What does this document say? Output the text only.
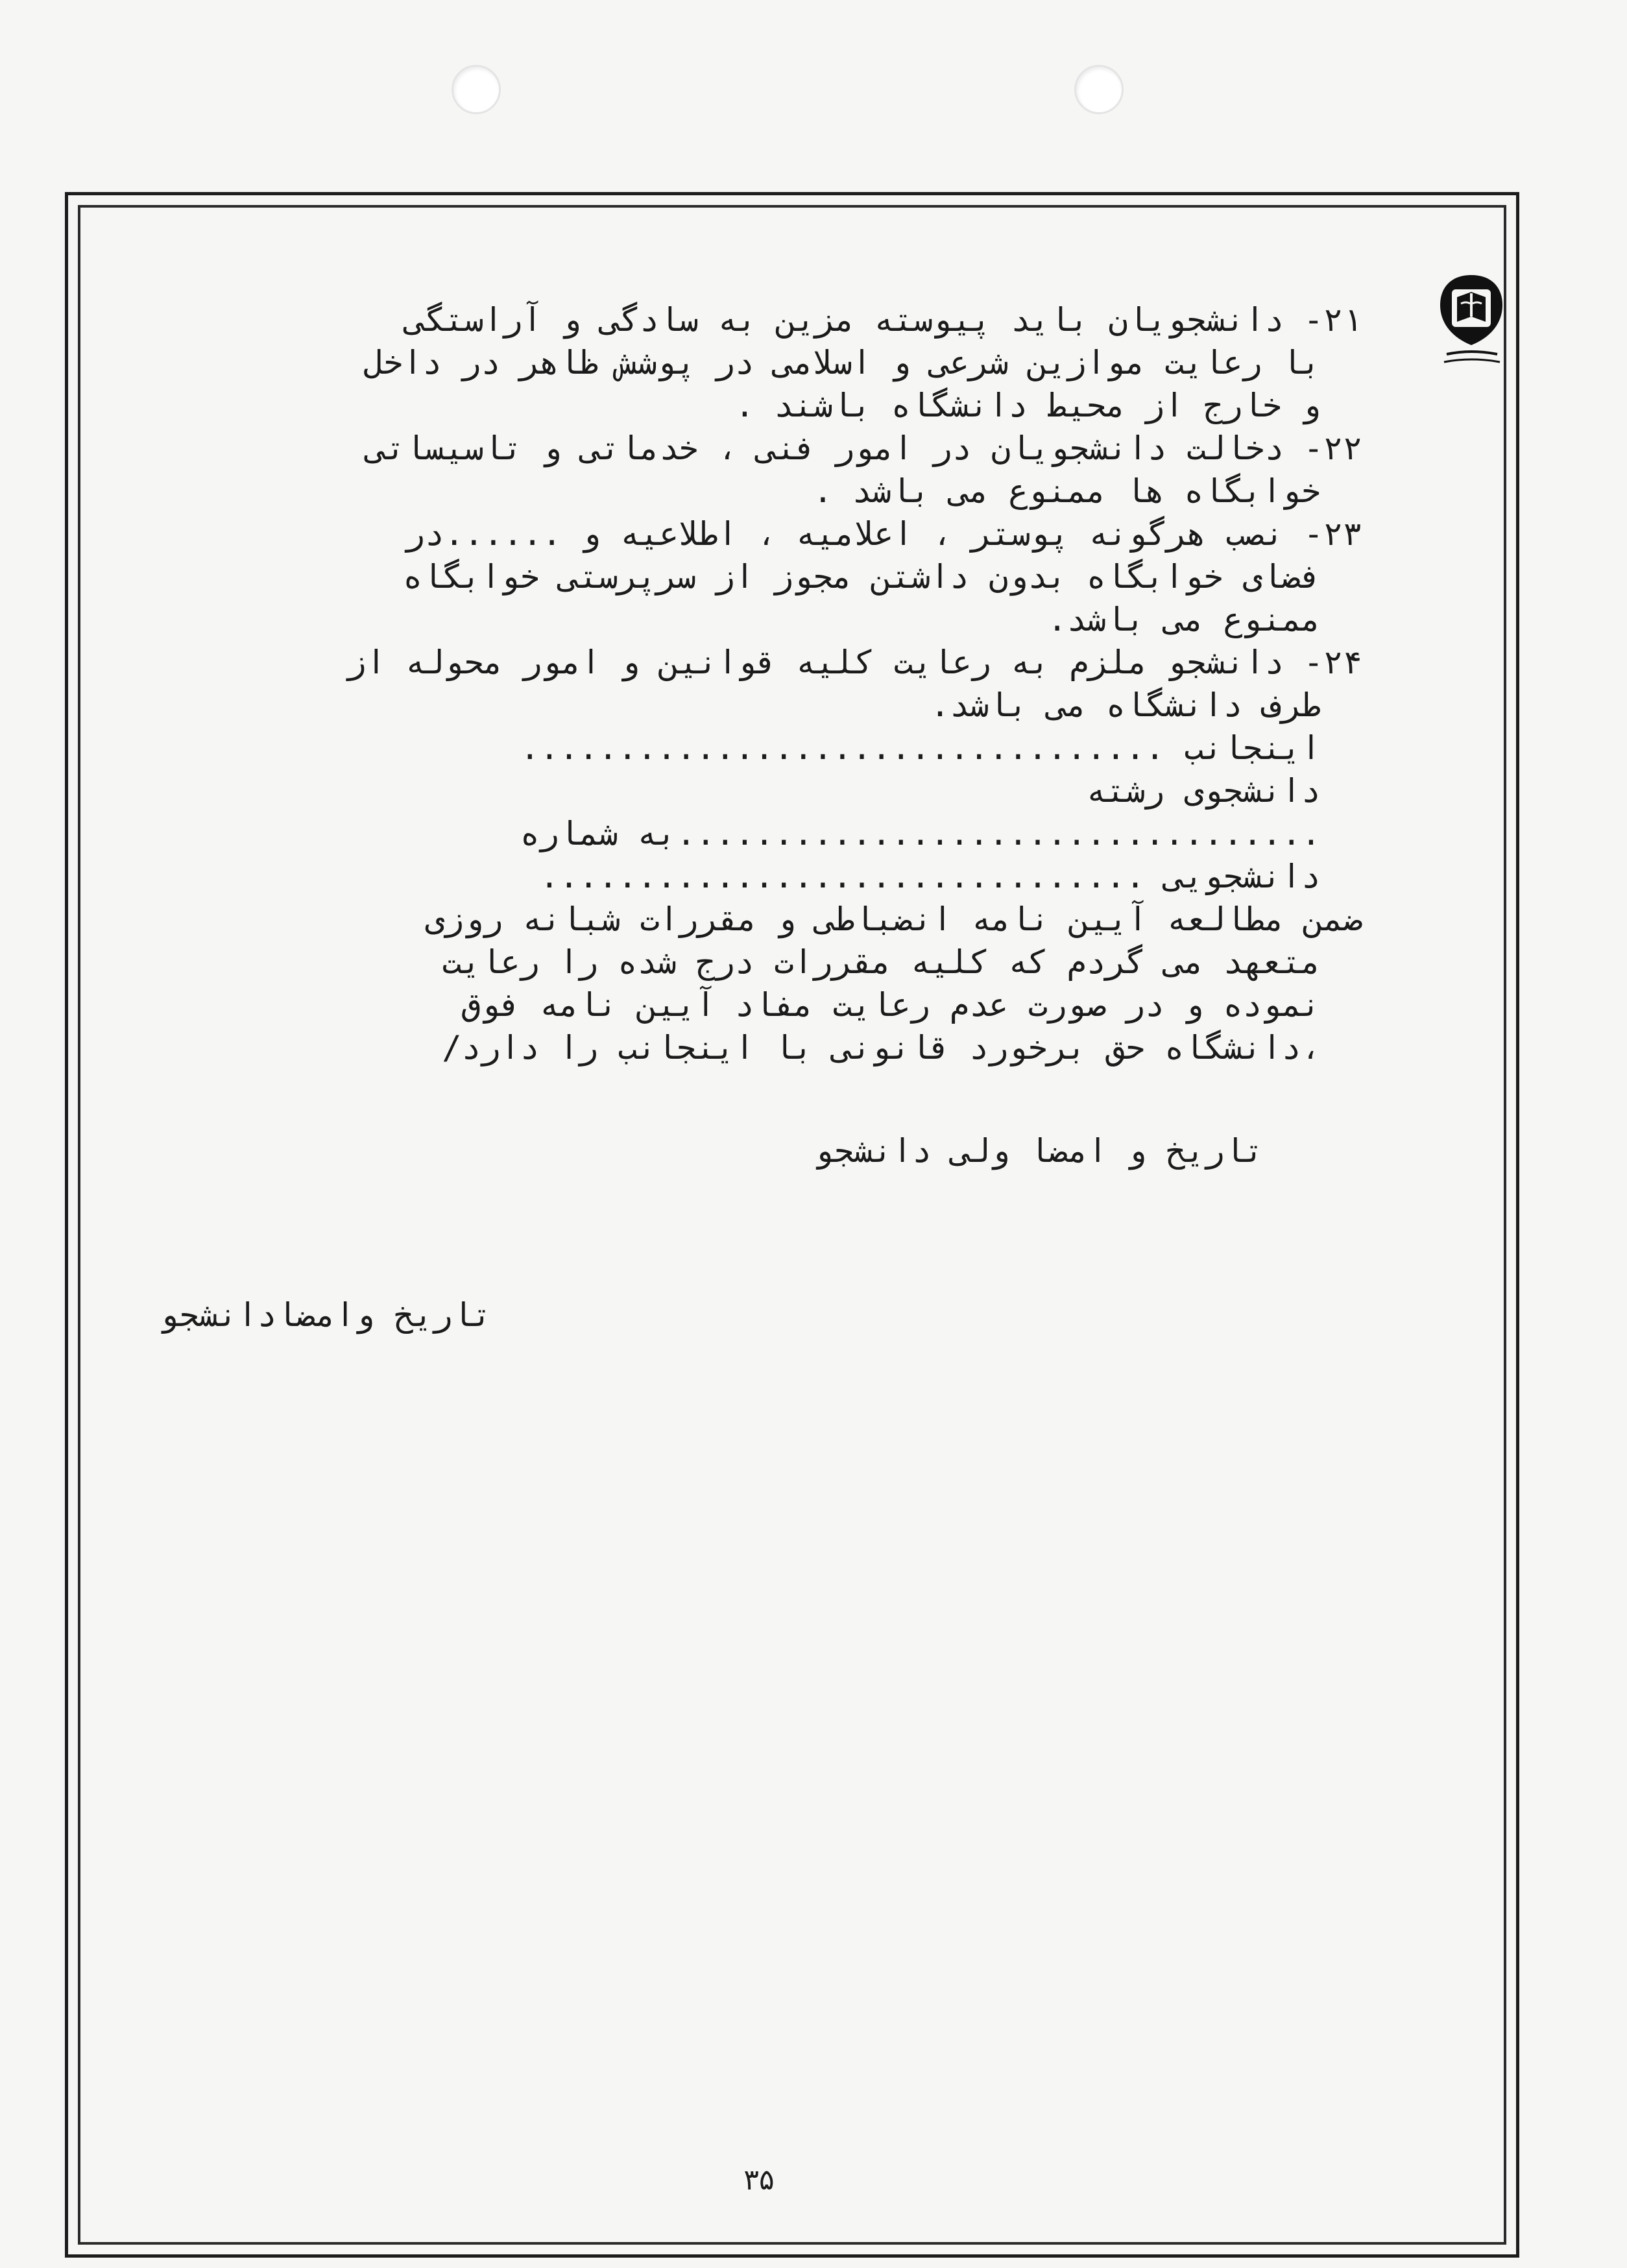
۲۱- دانشجویان باید پیوسته مزین به سادگی و آراستگی
با رعایت موازین شرعی و اسلامی در پوشش ظاهر در داخل
و خارج از محیط دانشگاه باشند .
۲۲- دخالت دانشجویان در امور فنی ، خدماتی و تاسیساتی
خوابگاه ها ممنوع می باشد .
۲۳- نصب هرگونه پوستر ، اعلامیه ، اطلاعیه و ......در
فضای خوابگاه بدون داشتن مجوز از سرپرستی خوابگاه
ممنوع می باشد.
۲۴- دانشجو ملزم به رعایت کلیه قوانین و امور محوله از
طرف دانشگاه می باشد.
اینجانب .................................
دانشجوی رشته
.................................به شماره
دانشجویی ...............................
ضمن مطالعه آیین نامه انضباطی و مقررات شبانه روزی
متعهد می گردم که کلیه مقررات درج شده را رعایت
نموده و در صورت عدم رعایت مفاد آیین نامه فوق
،دانشگاه حق برخورد قانونی با اینجانب را دارد/
تاریخ و امضا ولی دانشجو
تاریخ وامضادانشجو
۳۵
